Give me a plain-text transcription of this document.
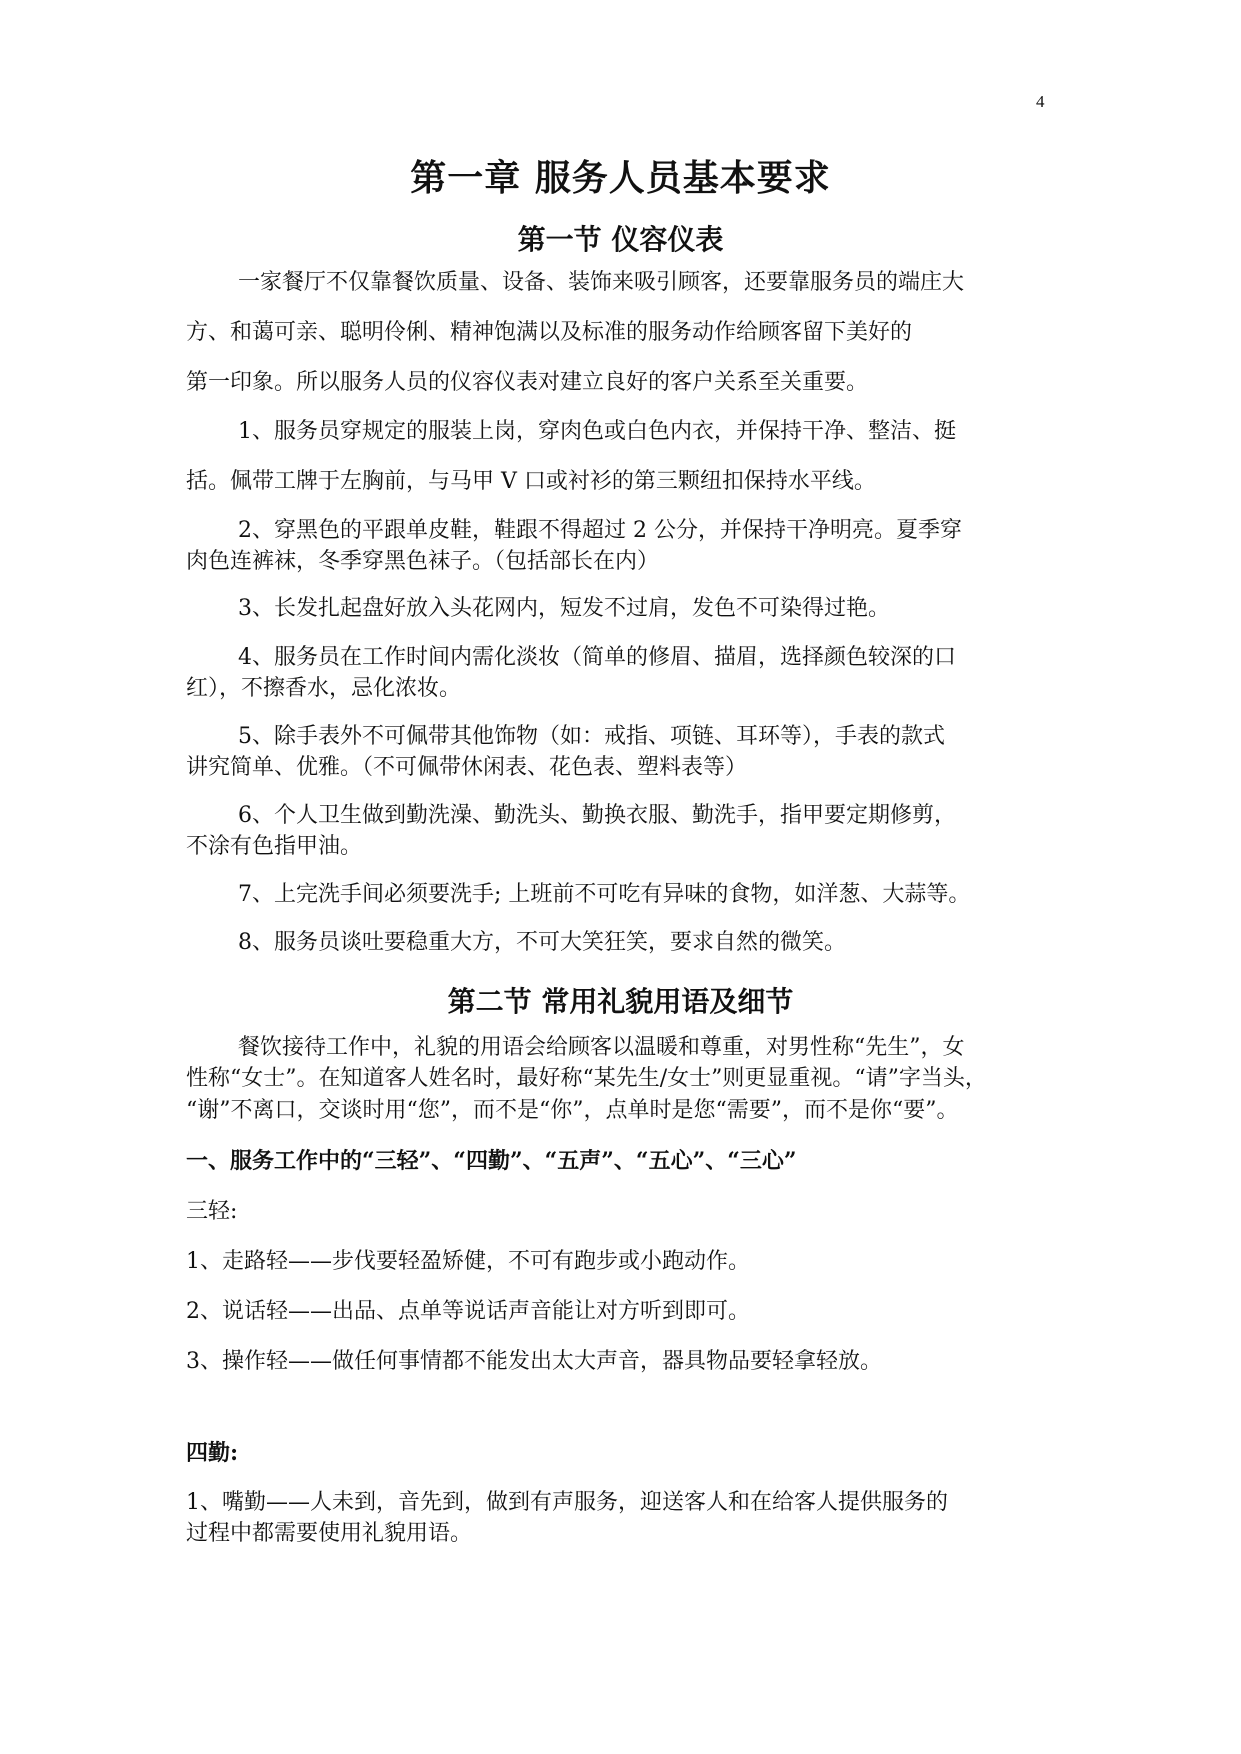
4
第一章 服务人员基本要求
第一节 仪容仪表
一家餐厅不仅靠餐饮质量、设备、装饰来吸引顾客，还要靠服务员的端庄大
方、和蔼可亲、聪明伶俐、精神饱满以及标准的服务动作给顾客留下美好的
第一印象。所以服务人员的仪容仪表对建立良好的客户关系至关重要。
1、服务员穿规定的服装上岗，穿肉色或白色内衣，并保持干净、整洁、挺
括。佩带工牌于左胸前，与马甲 V 口或衬衫的第三颗纽扣保持水平线。
2、穿黑色的平跟单皮鞋，鞋跟不得超过 2 公分，并保持干净明亮。夏季穿
肉色连裤袜，冬季穿黑色袜子。（包括部长在内）
3、长发扎起盘好放入头花网内，短发不过肩，发色不可染得过艳。
4、服务员在工作时间内需化淡妆（简单的修眉、描眉，选择颜色较深的口
红），不擦香水，忌化浓妆。
5、除手表外不可佩带其他饰物（如：戒指、项链、耳环等），手表的款式
讲究简单、优雅。（不可佩带休闲表、花色表、塑料表等）
6、个人卫生做到勤洗澡、勤洗头、勤换衣服、勤洗手，指甲要定期修剪，
不涂有色指甲油。
7、上完洗手间必须要洗手; 上班前不可吃有异味的食物，如洋葱、大蒜等。
8、服务员谈吐要稳重大方，不可大笑狂笑，要求自然的微笑。
第二节 常用礼貌用语及细节
餐饮接待工作中，礼貌的用语会给顾客以温暖和尊重，对男性称“先生”，女
性称“女士”。在知道客人姓名时，最好称“某先生/女士”则更显重视。“请”字当头，
“谢”不离口，交谈时用“您”，而不是“你”，点单时是您“需要”，而不是你“要”。
一、服务工作中的“三轻”、“四勤”、“五声”、“五心”、“三心”
三轻:
1、走路轻——步伐要轻盈矫健，不可有跑步或小跑动作。
2、说话轻——出品、点单等说话声音能让对方听到即可。
3、操作轻——做任何事情都不能发出太大声音，器具物品要轻拿轻放。
四勤:
1、嘴勤——人未到，音先到，做到有声服务，迎送客人和在给客人提供服务的
过程中都需要使用礼貌用语。
